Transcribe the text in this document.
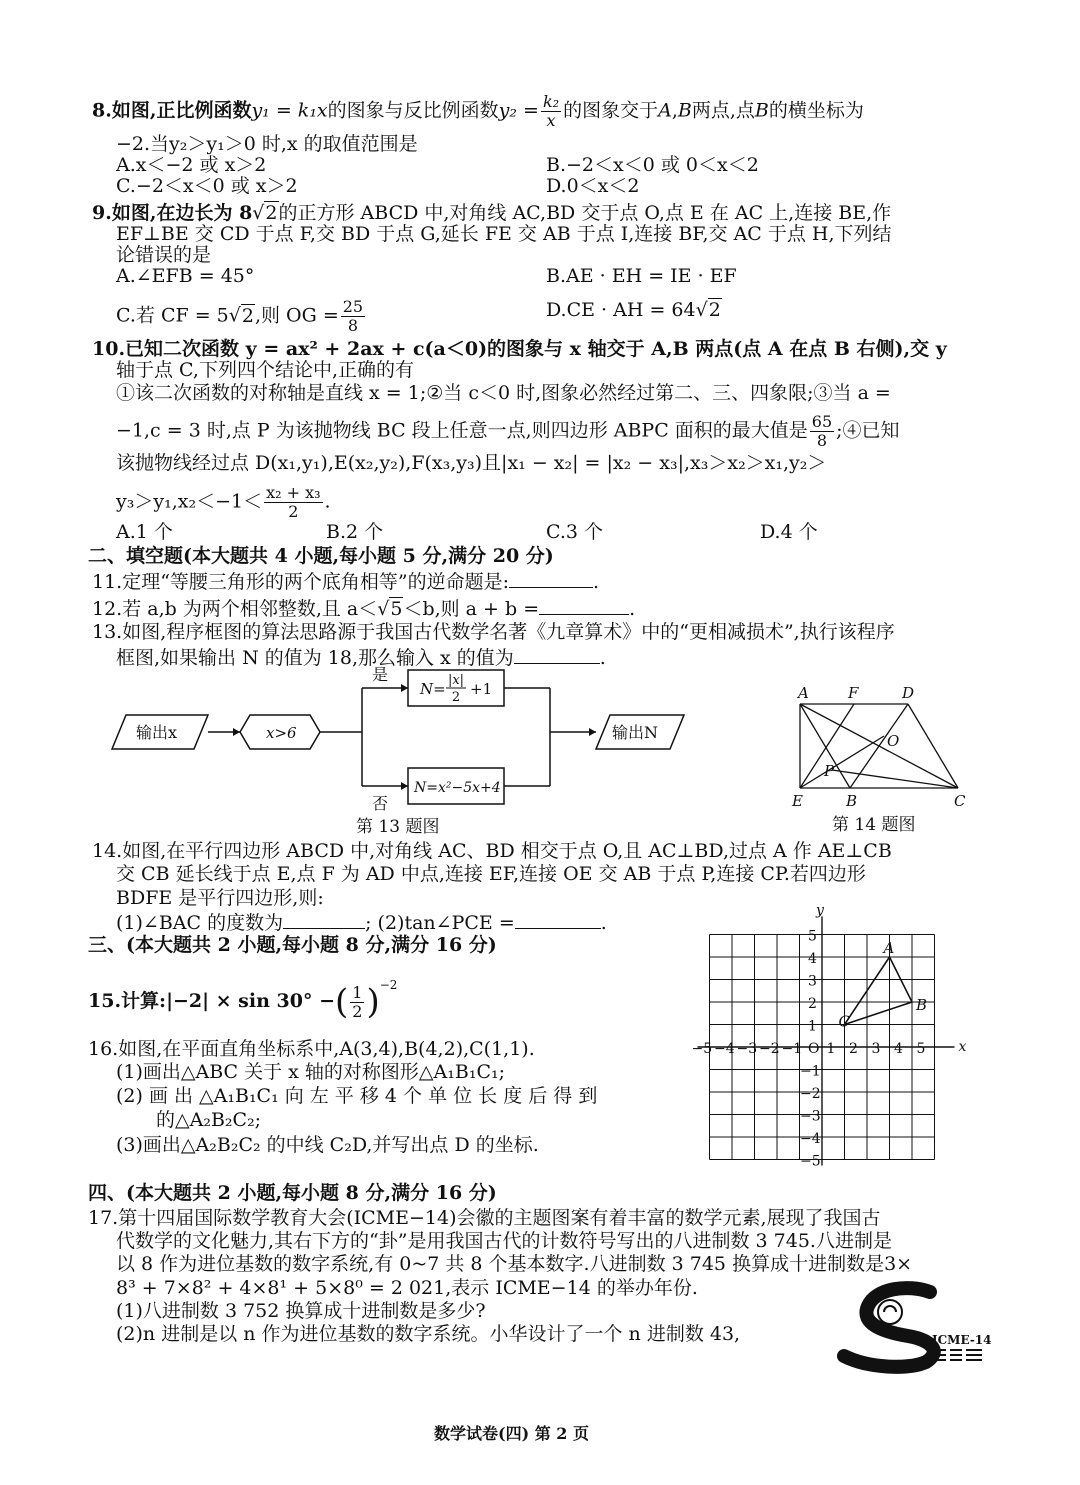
8.如图,正比例函数y₁ = k₁x的图象与反比例函数$y_2 = \frac{\text{k₂}}{x}$ 的图象交于A,B两点,点B的横坐标为
−2.当y₂＞y₁＞0 时,x 的取值范围是
A.x＜−2 或 x＞2	B.−2＜x＜0 或 0＜x＜2
C.−2＜x＜0 或 x＞2	D.0＜x＜2
9.如图,在边长为 8√2的正方形 ABCD 中,对角线 AC,BD 交于点 O,点 E 在 AC 上,连接 BE,作
EF⊥BE 交 CD 于点 F,交 BD 于点 G,延长 FE 交 AB 于点 I,连接 BF,交 AC 于点 H,下列结
论错误的是
A.∠EFB = 45°	B.AE · EH = IE · EF
C.若 CF = 5√2,则 OG = $\frac{25}{8}$	D.CE · AH = 64√2
10.已知二次函数 y = ax² + 2ax + c(a＜0)的图象与 x 轴交于 A,B 两点(点 A 在点 B 右侧),交 y
轴于点 C,下列四个结论中,正确的有
①该二次函数的对称轴是直线 x = 1;②当 c＜0 时,图象必然经过第二、三、四象限;③当 a =
−1,c = 3 时,点 P 为该抛物线 BC 段上任意一点,则四边形 ABPC 面积的最大值是 $\frac{65}{8}$ ;④已知
该抛物线经过点 D(x₁,y₁),E(x₂,y₂),F(x₃,y₃)且|x₁ − x₂| = |x₂ − x₃|,x₃＞x₂＞x₁,y₂＞
$y_3>y_1,x_2<-1< \frac{\text{x₂ + x₃}}{2}$ .
A.1 个	B.2 个	C.3 个	D.4 个
二、填空题(本大题共 4 小题,每小题 5 分,满分 20 分)
11.定理“等腰三角形的两个底角相等”的逆命题是:	.
12.若 a,b 为两个相邻整数,且 a＜√5＜b,则 a + b =	.
13.如图,程序框图的算法思路源于我国古代数学名著《九章算术》中的“更相减损术”,执行该程序
框图,如果输出 N 的值为 18,那么输入 x 的值为	.
输出x	x>6
是
否
N= |x|
2 +1
N=x²−5x+4
输出N
第 13 题图
A	F	D
O
P
E	B	C
第 14 题图
14.如图,在平行四边形 ABCD 中,对角线 AC、BD 相交于点 O,且 AC⊥BD,过点 A 作 AE⊥CB
交 CB 延长线于点 E,点 F 为 AD 中点,连接 EF,连接 OE 交 AB 于点 P,连接 CP.若四边形
BDFE 是平行四边形,则:
(1)∠BAC 的度数为	; (2)tan∠PCE =	.
三、(本大题共 2 小题,每小题 8 分,满分 16 分)
15.计算:|−2| × sin 30° −( $\frac{1}{2} )^{-2}$
16.如图,在平面直角坐标系中,A(3,4),B(4,2),C(1,1).
(1)画出△ABC 关于 x 轴的对称图形△A₁B₁C₁;
(2) 画 出 △A₁B₁C₁ 向 左 平 移 4 个 单 位 长 度 后 得 到
的△A₂B₂C₂;
(3)画出△A₂B₂C₂ 的中线 C₂D,并写出点 D 的坐标.
−5 −4 −3 −2 −1 O 1 2 3 4 5
5
4
3
2
1
−1
−2
−3
−4
−5
x
y
A
B
C
四、(本大题共 2 小题,每小题 8 分,满分 16 分)
17.第十四届国际数学教育大会(ICME−14)会徽的主题图案有着丰富的数学元素,展现了我国古
代数学的文化魅力,其右下方的“卦”是用我国古代的计数符号写出的八进制数 3 745.八进制是
以 8 作为进位基数的数字系统,有 0~7 共 8 个基本数字.八进制数 3 745 换算成十进制数是3×
8³ + 7×8² + 4×8¹ + 5×8⁰ = 2 021,表示 ICME−14 的举办年份.
(1)八进制数 3 752 换算成十进制数是多少?
(2)n 进制是以 n 作为进位基数的数字系统。小华设计了一个 n 进制数 43,	ICME-14
数学试卷(四) 第 2 页
